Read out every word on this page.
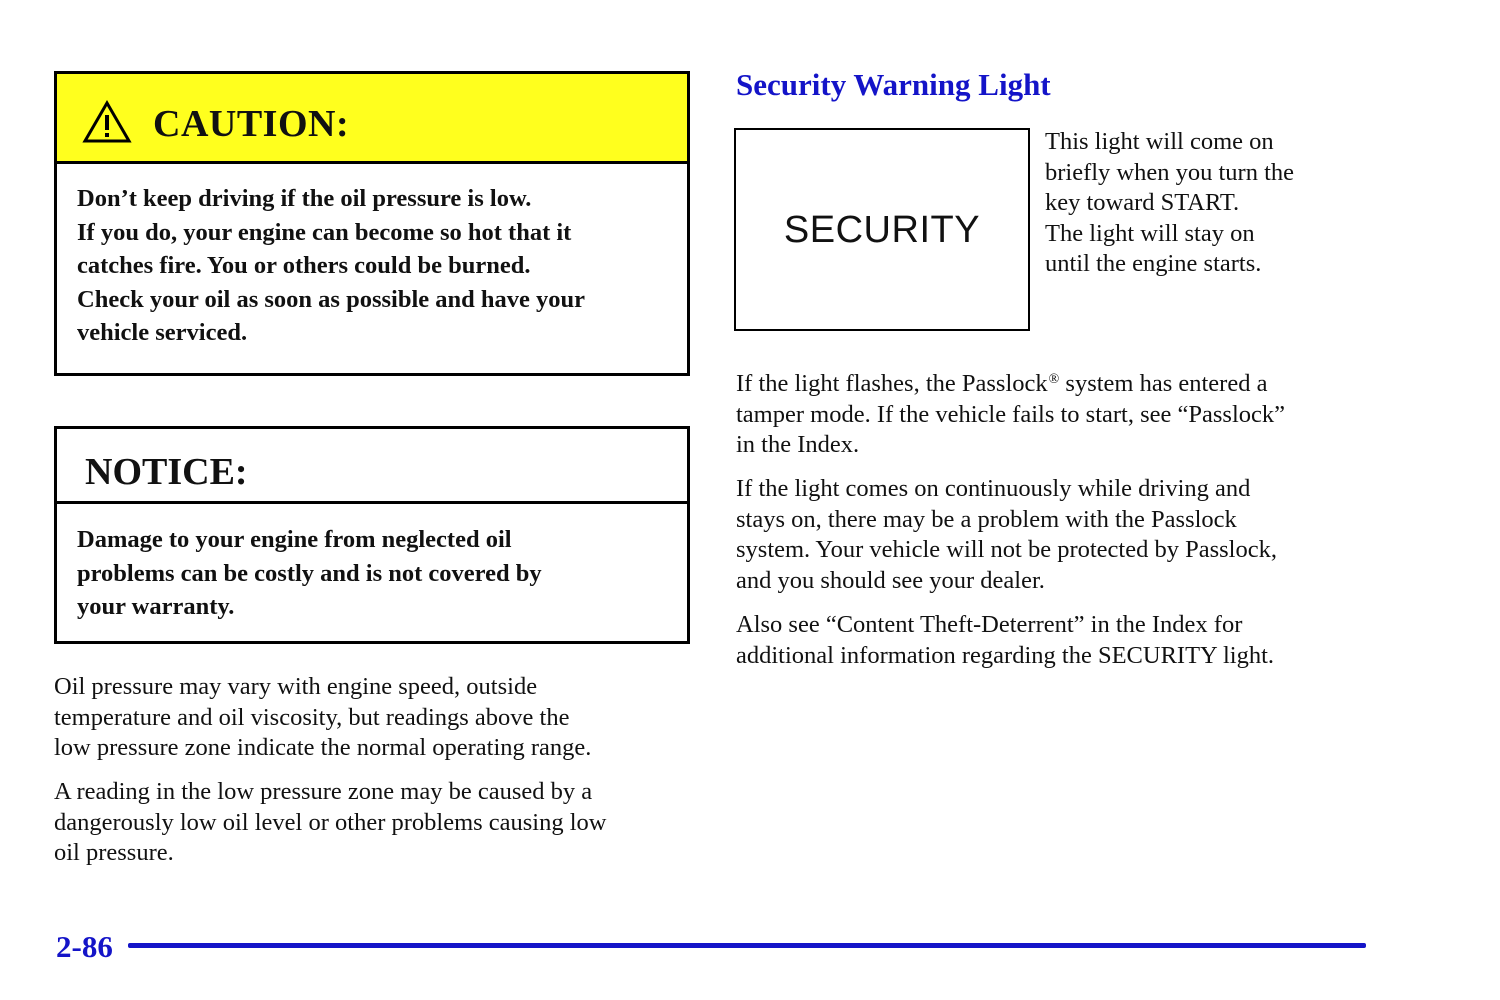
CAUTION:
Don’t keep driving if the oil pressure is low.
If you do, your engine can become so hot that it
catches fire. You or others could be burned.
Check your oil as soon as possible and have your
vehicle serviced.
NOTICE:
Damage to your engine from neglected oil
problems can be costly and is not covered by
your warranty.
Oil pressure may vary with engine speed, outside
temperature and oil viscosity, but readings above the
low pressure zone indicate the normal operating range.
A reading in the low pressure zone may be caused by a
dangerously low oil level or other problems causing low
oil pressure.
Security Warning Light
SECURITY
This light will come on
briefly when you turn the
key toward START.
The light will stay on
until the engine starts.
If the light flashes, the Passlock® system has entered a
tamper mode. If the vehicle fails to start, see “Passlock”
in the Index.
If the light comes on continuously while driving and
stays on, there may be a problem with the Passlock
system. Your vehicle will not be protected by Passlock,
and you should see your dealer.
Also see “Content Theft-Deterrent” in the Index for
additional information regarding the SECURITY light.
2-86
